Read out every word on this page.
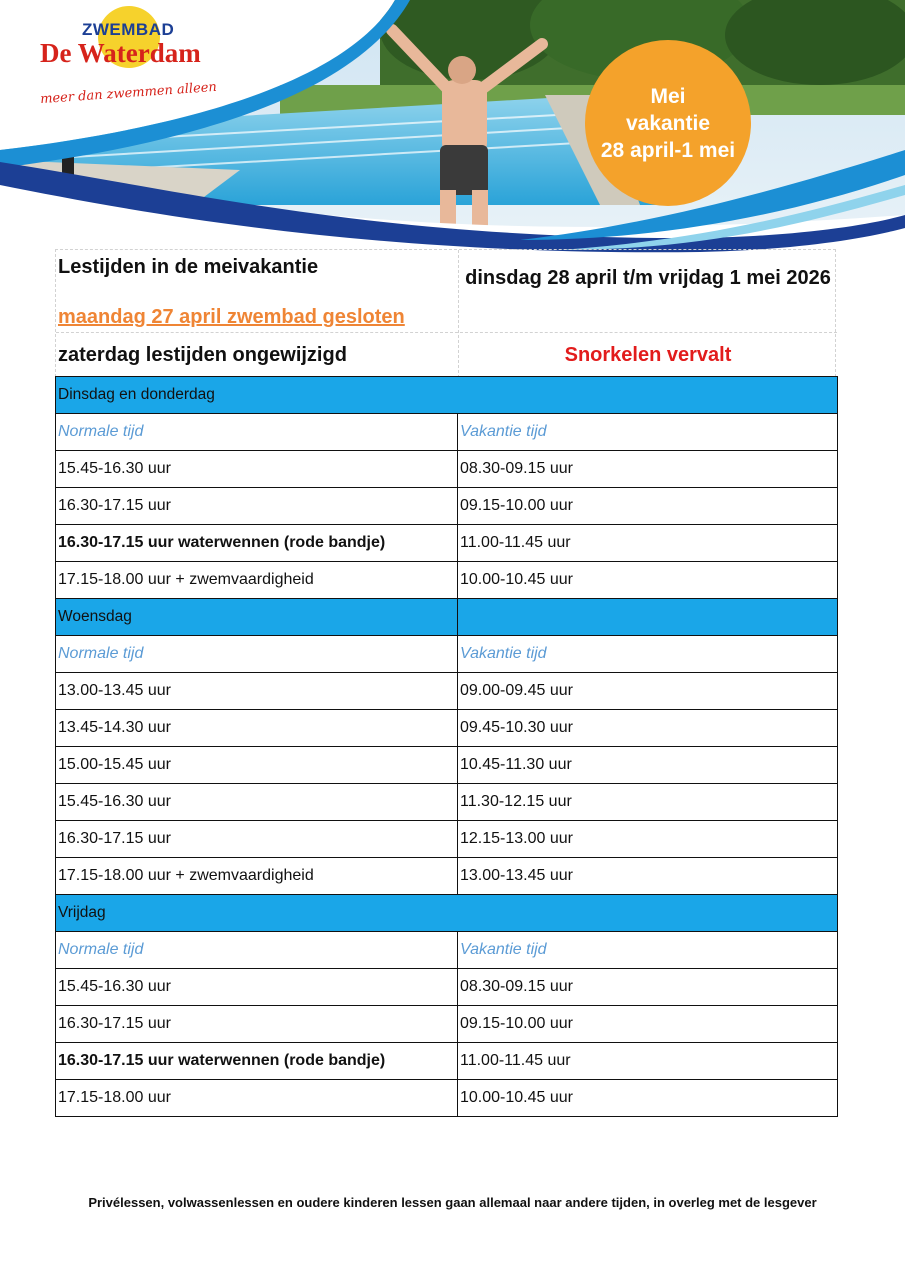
ZWEMBAD
De Waterdam
meer dan zwemmen alleen	Mei
vakantie
28 april-1 mei
Lestijden in de meivakantie
maandag 27 april zwembad gesloten
dinsdag 28 april t/m vrijdag 1 mei 2026
zaterdag lestijden ongewijzigd	Snorkelen vervalt
Dinsdag en donderdag	
Normale tijd	Vakantie tijd
15.45-16.30 uur	08.30-09.15 uur
16.30-17.15 uur	09.15-10.00 uur
16.30-17.15 uur waterwennen (rode bandje)	11.00-11.45 uur
17.15-18.00 uur + zwemvaardigheid	10.00-10.45 uur
Woensdag	
Normale tijd	Vakantie tijd
13.00-13.45 uur	09.00-09.45 uur
13.45-14.30 uur	09.45-10.30 uur
15.00-15.45 uur	10.45-11.30 uur
15.45-16.30 uur	11.30-12.15 uur
16.30-17.15 uur	12.15-13.00 uur
17.15-18.00 uur + zwemvaardigheid	13.00-13.45 uur
Vrijdag	
Normale tijd	Vakantie tijd
15.45-16.30 uur	08.30-09.15 uur
16.30-17.15 uur	09.15-10.00 uur
16.30-17.15 uur waterwennen (rode bandje)	11.00-11.45 uur
17.15-18.00 uur	10.00-10.45 uur
Privélessen, volwassenlessen en oudere kinderen lessen gaan allemaal naar andere tijden, in overleg met de lesgever
